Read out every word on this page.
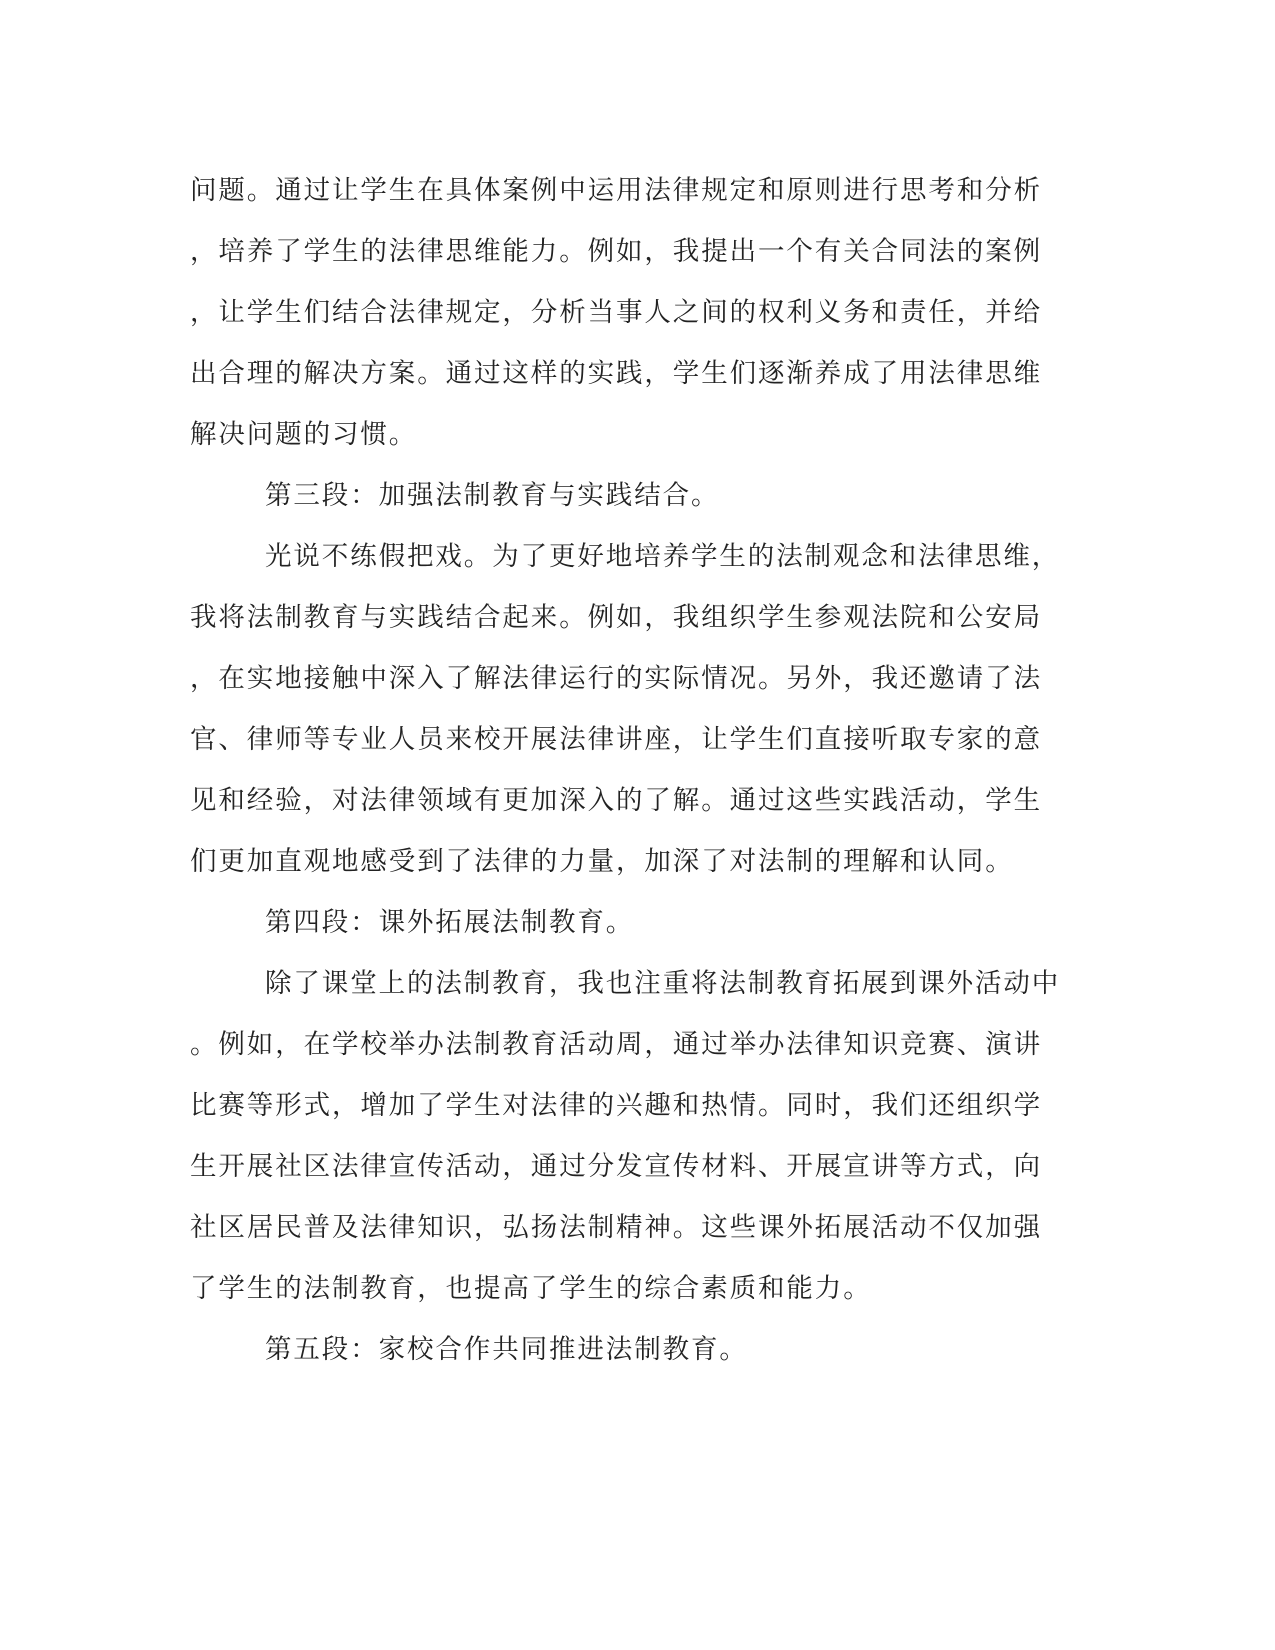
问题。通过让学生在具体案例中运用法律规定和原则进行思考和分析
，培养了学生的法律思维能力。例如，我提出一个有关合同法的案例
，让学生们结合法律规定，分析当事人之间的权利义务和责任，并给
出合理的解决方案。通过这样的实践，学生们逐渐养成了用法律思维
解决问题的习惯。
第三段：加强法制教育与实践结合。
光说不练假把戏。为了更好地培养学生的法制观念和法律思维，
我将法制教育与实践结合起来。例如，我组织学生参观法院和公安局
，在实地接触中深入了解法律运行的实际情况。另外，我还邀请了法
官、律师等专业人员来校开展法律讲座，让学生们直接听取专家的意
见和经验，对法律领域有更加深入的了解。通过这些实践活动，学生
们更加直观地感受到了法律的力量，加深了对法制的理解和认同。
第四段：课外拓展法制教育。
除了课堂上的法制教育，我也注重将法制教育拓展到课外活动中
。例如，在学校举办法制教育活动周，通过举办法律知识竞赛、演讲
比赛等形式，增加了学生对法律的兴趣和热情。同时，我们还组织学
生开展社区法律宣传活动，通过分发宣传材料、开展宣讲等方式，向
社区居民普及法律知识，弘扬法制精神。这些课外拓展活动不仅加强
了学生的法制教育，也提高了学生的综合素质和能力。
第五段：家校合作共同推进法制教育。
